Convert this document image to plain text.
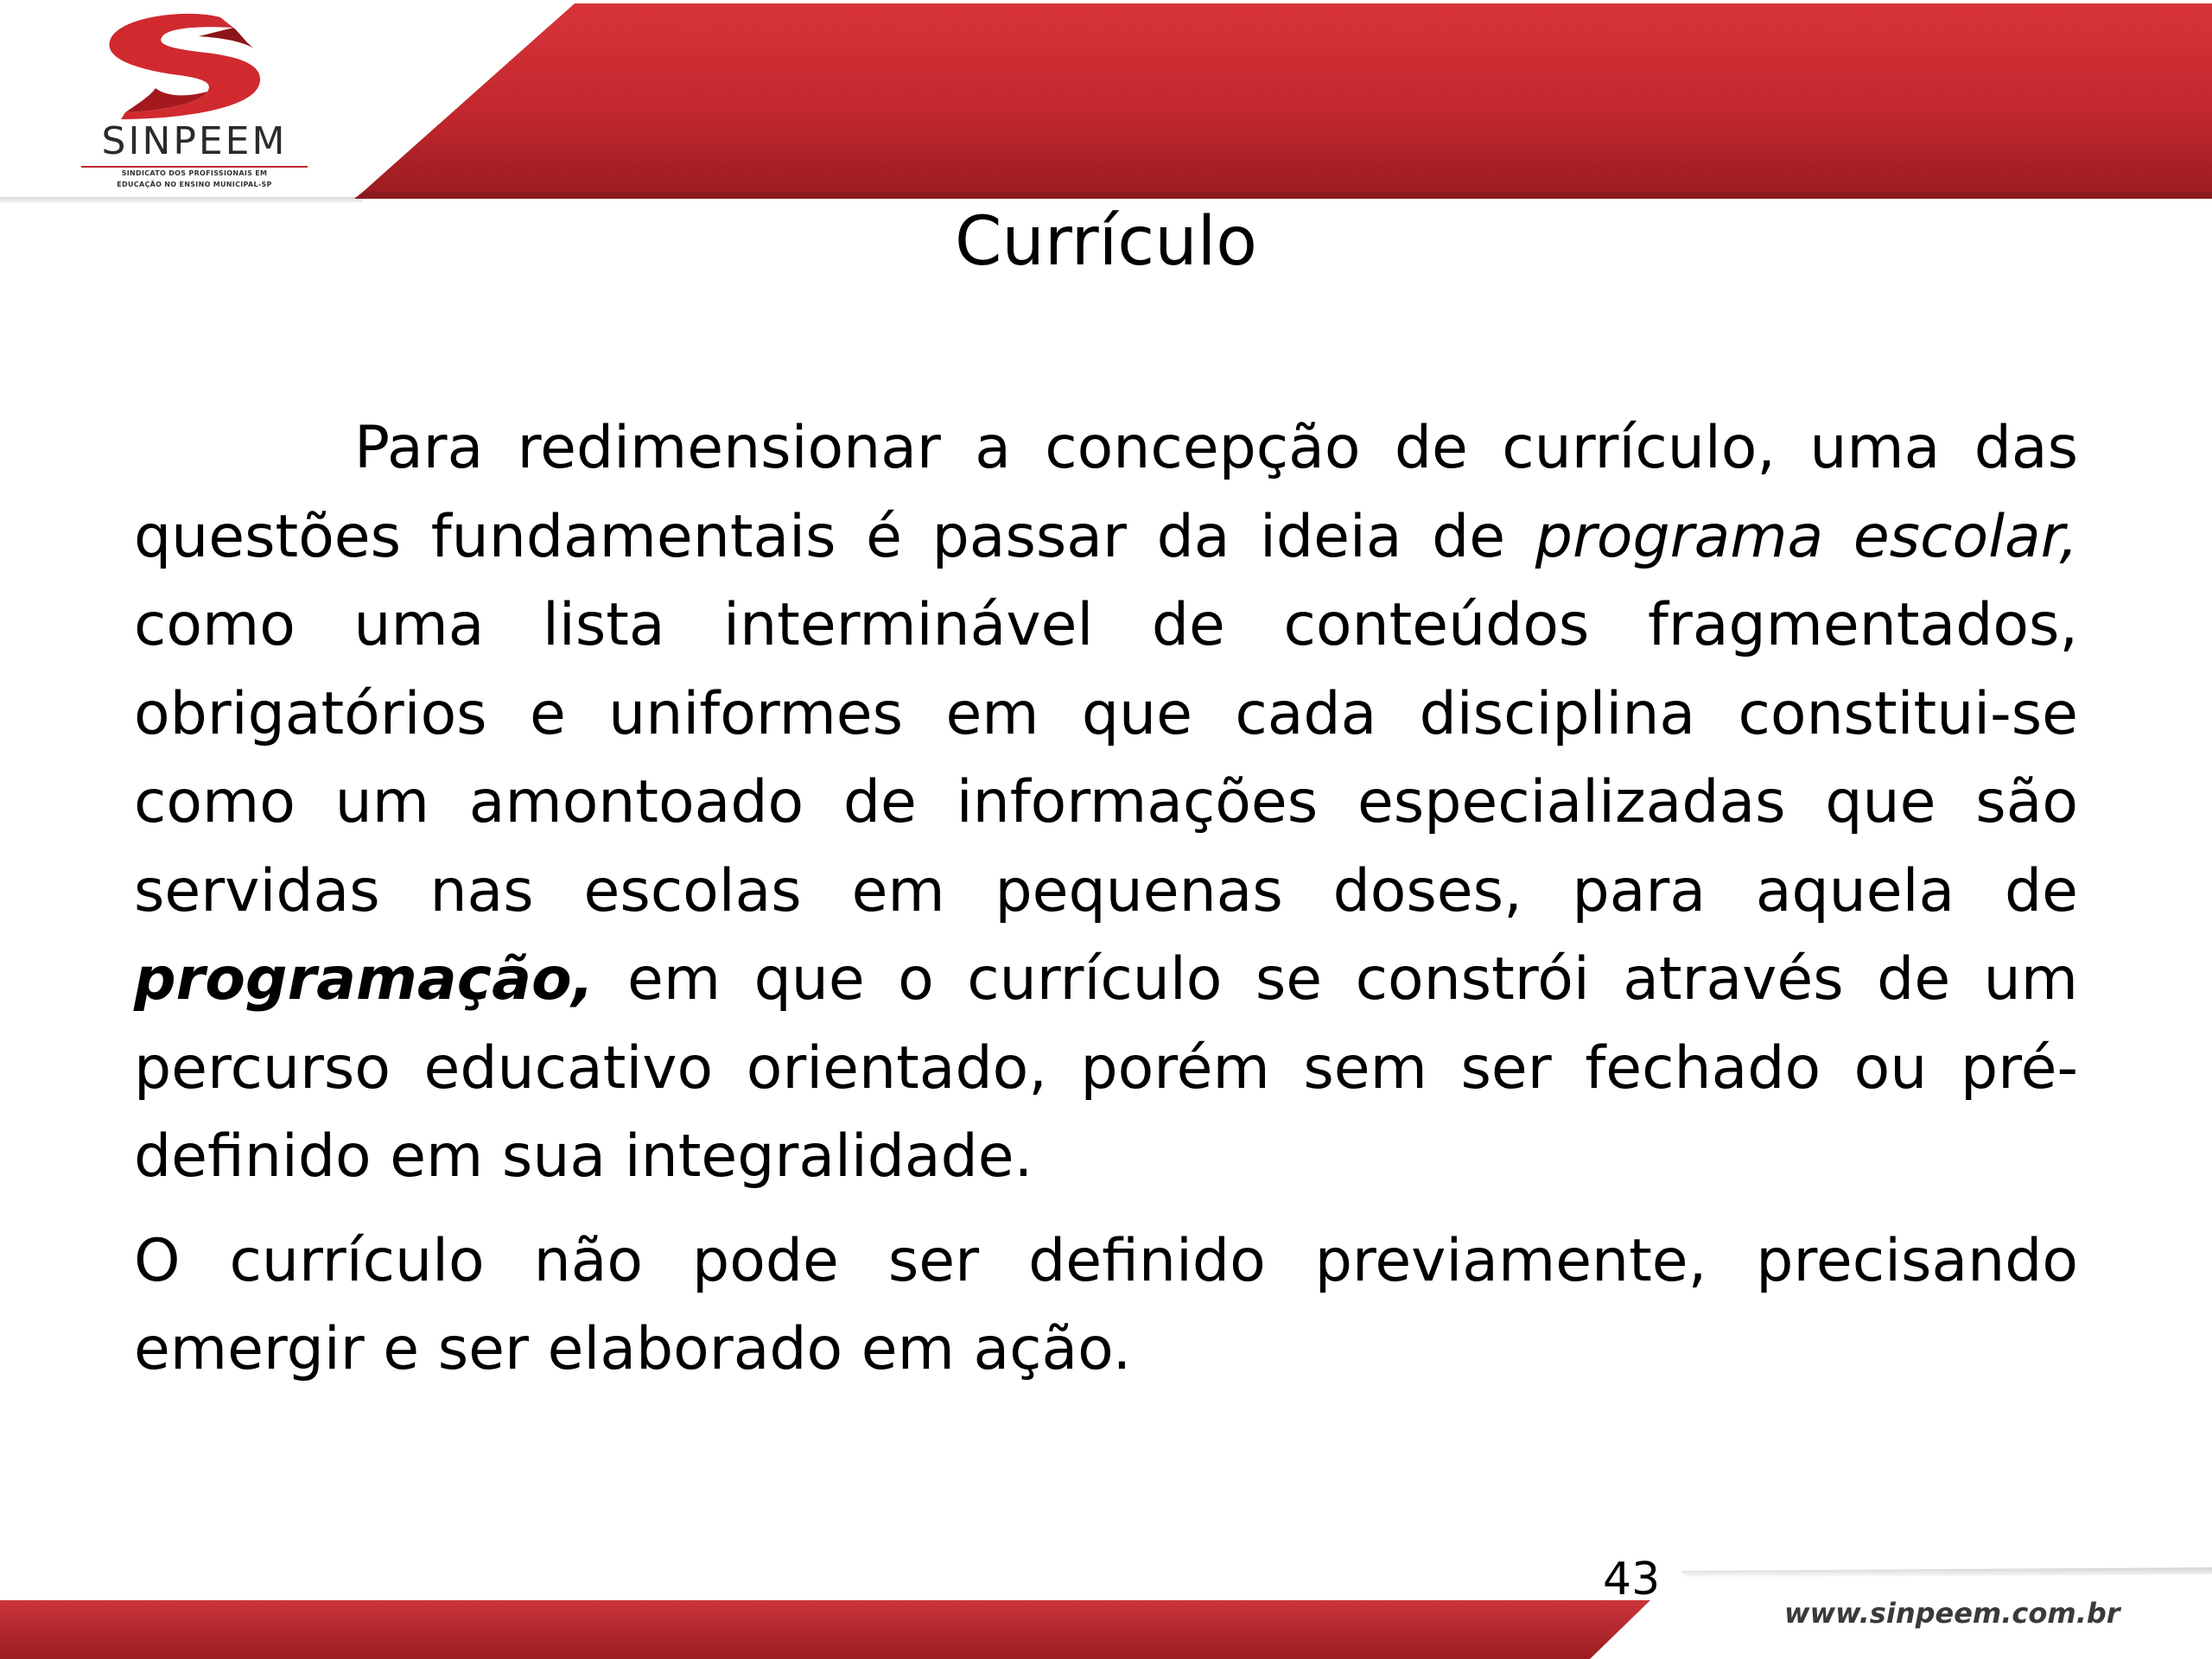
SINPEEM
SINDICATO DOS PROFISSIONAIS EM
EDUCAÇÃO NO ENSINO MUNICIPAL-SP
Currículo

Para redimensionar a concepção de currículo, uma das questões fundamentais é passar da ideia de programa escolar, como uma lista interminável de conteúdos fragmentados, obrigatórios e uniformes em que cada disciplina constitui-se como um amontoado de informações especializadas que são servidas nas escolas em pequenas doses, para aquela de programação, em que o currículo se constrói através de um percurso educativo orientado, porém sem ser fechado ou pré-definido em sua integralidade.

O currículo não pode ser definido previamente, precisando emergir e ser elaborado em ação.

43
www.sinpeem.com.br
